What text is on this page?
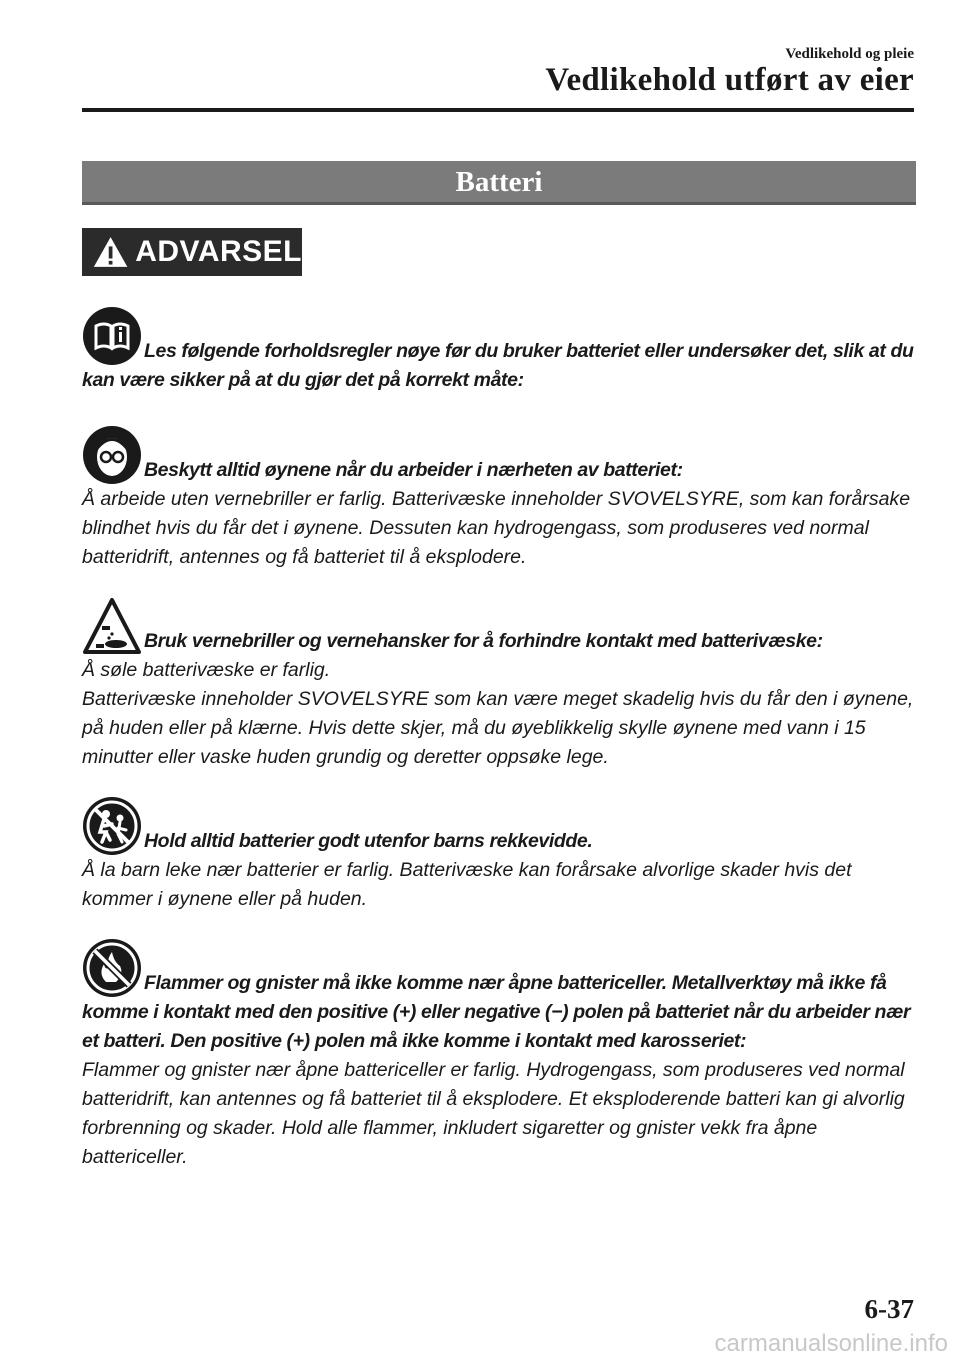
Vedlikehold og pleie
Vedlikehold utført av eier
Batteri
ADVARSEL
Les følgende forholdsregler nøye før du bruker batteriet eller undersøker det, slik at du kan være sikker på at du gjør det på korrekt måte:
Beskytt alltid øynene når du arbeider i nærheten av batteriet:
Å arbeide uten vernebriller er farlig. Batterivæske inneholder SVOVELSYRE, som kan forårsake blindhet hvis du får det i øynene. Dessuten kan hydrogengass, som produseres ved normal batteridrift, antennes og få batteriet til å eksplodere.
Bruk vernebriller og vernehansker for å forhindre kontakt med batterivæske:
Å søle batterivæske er farlig.
Batterivæske inneholder SVOVELSYRE som kan være meget skadelig hvis du får den i øynene, på huden eller på klærne. Hvis dette skjer, må du øyeblikkelig skylle øynene med vann i 15 minutter eller vaske huden grundig og deretter oppsøke lege.
Hold alltid batterier godt utenfor barns rekkevidde.
Å la barn leke nær batterier er farlig. Batterivæske kan forårsake alvorlige skader hvis det kommer i øynene eller på huden.
Flammer og gnister må ikke komme nær åpne battericeller. Metallverktøy må ikke få komme i kontakt med den positive (+) eller negative (−) polen på batteriet når du arbeider nær et batteri. Den positive (+) polen må ikke komme i kontakt med karosseriet:
Flammer og gnister nær åpne battericeller er farlig. Hydrogengass, som produseres ved normal batteridrift, kan antennes og få batteriet til å eksplodere. Et eksploderende batteri kan gi alvorlig forbrenning og skader. Hold alle flammer, inkludert sigaretter og gnister vekk fra åpne battericeller.
6-37
carmanualsonline.info
